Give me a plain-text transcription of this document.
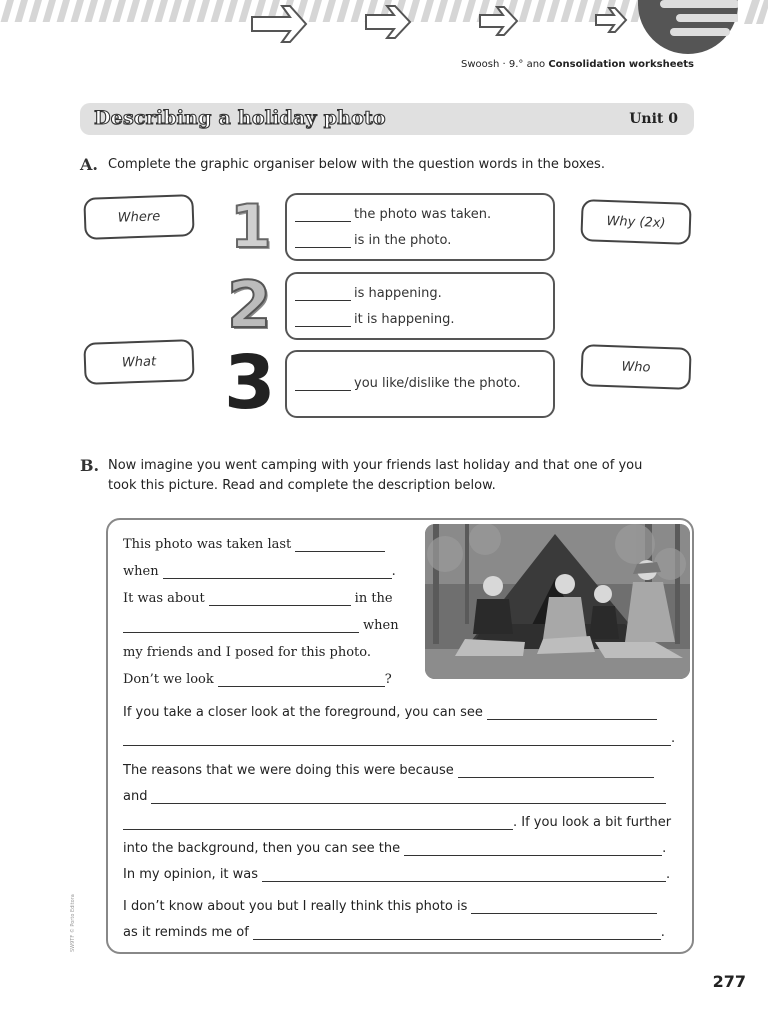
Swoosh · 9.° ano Consolidation worksheets
Describing a holiday photo	Unit 0
A. Complete the graphic organiser below with the question words in the boxes.
Where
What
Why (2x)
Who
1
2
3
the photo was taken.
is in the photo.
is happening.
it is happening.
you like/dislike the photo.
B. Now imagine you went camping with your friends last holiday and that one of you
took this picture. Read and complete the description below.
This photo was taken last
when	.
It was about	in the
when
my friends and I posed for this photo.
Don’t we look	?
If you take a closer look at the foreground, you can see
.
The reasons that we were doing this were because
and
. If you look a bit further
into the background, then you can see the	.
In my opinion, it was	.
I don’t know about you but I really think this photo is
as it reminds me of	.
SW9TF © Porto Editora
277
